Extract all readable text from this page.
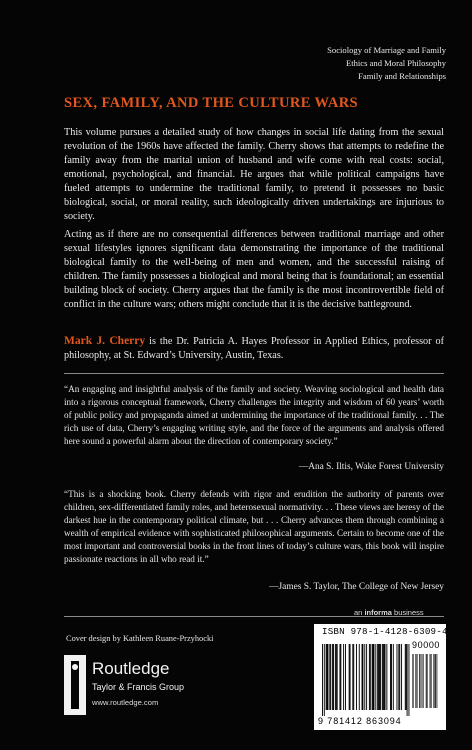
Sociology of Marriage and Family
Ethics and Moral Philosophy
Family and Relationships
SEX, FAMILY, AND THE CULTURE WARS

This volume pursues a detailed study of how changes in social life dating from the sexual revolution of the 1960s have affected the family. Cherry shows that attempts to redefine the family away from the marital union of husband and wife come with real costs: social, emotional, psychological, and financial. He argues that while political campaigns have fueled attempts to undermine the traditional family, to pretend it possesses no basic biological, social, or moral reality, such ideologically driven undertakings are injurious to society.

Acting as if there are no consequential differences between traditional marriage and other sexual lifestyles ignores significant data demonstrating the importance of the traditional biological family to the well-being of men and women, and the successful raising of children. The family possesses a biological and moral being that is foundational; an essential building block of society. Cherry argues that the family is the most incontrovertible field of conflict in the culture wars; others might conclude that it is the decisive battleground.

Mark J. Cherry is the Dr. Patricia A. Hayes Professor in Applied Ethics, professor of philosophy, at St. Edward’s University, Austin, Texas.

“An engaging and insightful analysis of the family and society. Weaving sociological and health data into a rigorous conceptual framework, Cherry challenges the integrity and wisdom of 60 years’ worth of public policy and propaganda aimed at undermining the importance of the traditional family. . . The rich use of data, Cherry’s engaging writing style, and the force of the arguments and analysis offered here sound a powerful alarm about the direction of contemporary society.”

—Ana S. Iltis, Wake Forest University

“This is a shocking book. Cherry defends with rigor and erudition the authority of parents over children, sex-differentiated family roles, and heterosexual normativity. . . These views are heresy of the darkest hue in the contemporary political climate, but . . . Cherry advances them through combining a wealth of empirical evidence with sophisticated philosophical arguments. Certain to become one of the most important and controversial books in the front lines of today’s culture wars, this book will inspire passionate reactions in all who read it.”

—James S. Taylor, The College of New Jersey
an informa business
Cover design by Kathleen Ruane-Przyhocki
Routledge
Taylor & Francis Group
www.routledge.com
ISBN 978-1-4128-6309-4
90000
9 781412 863094
